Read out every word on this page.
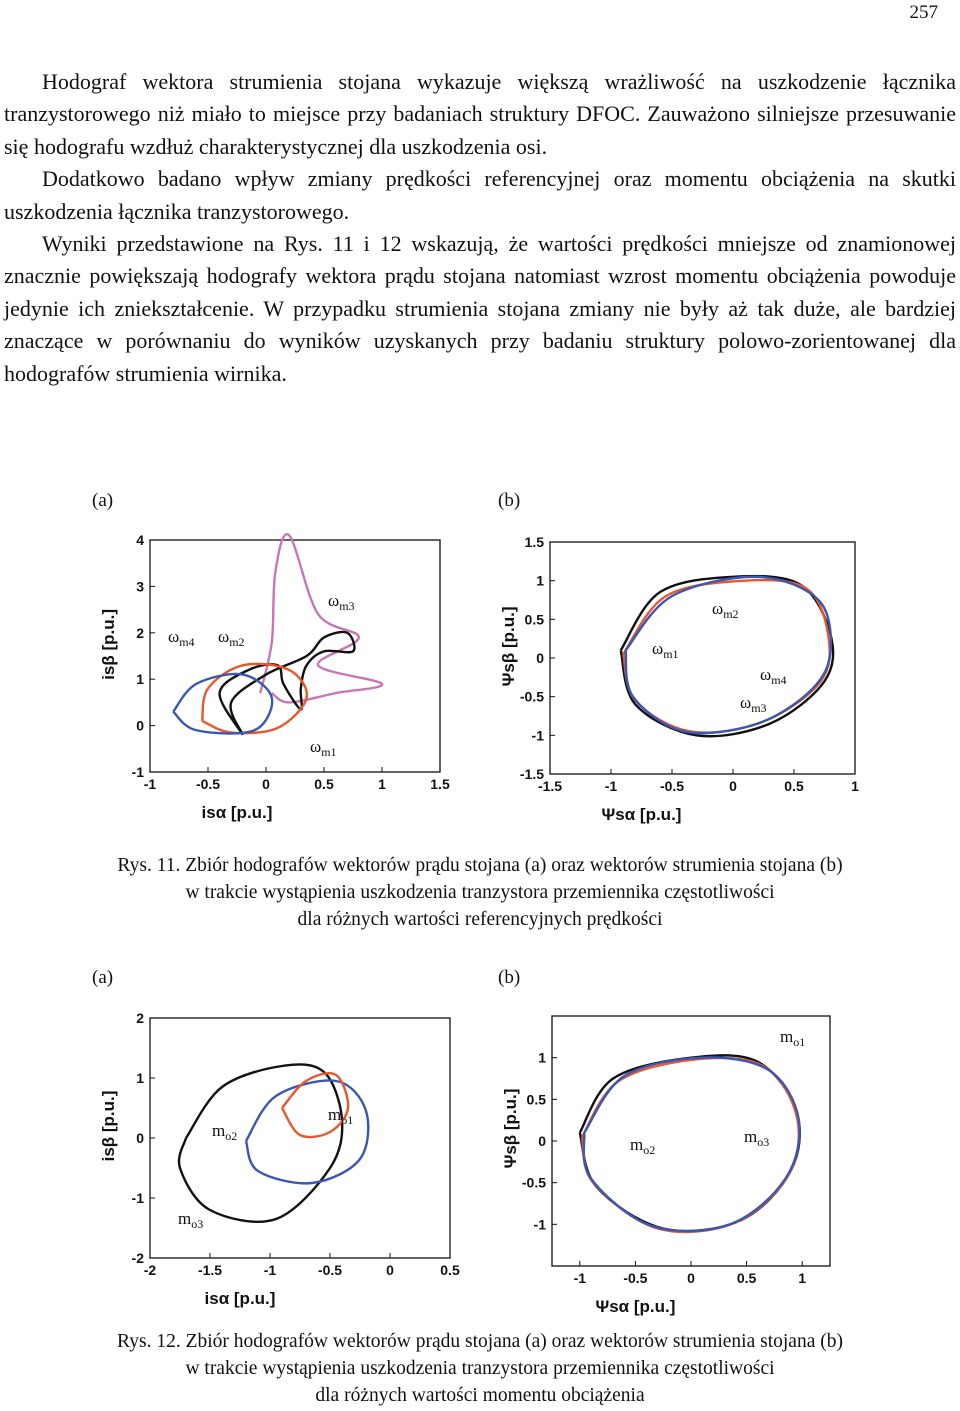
257

Hodograf wektora strumienia stojana wykazuje większą wrażliwość na uszkodzenie łącznika tranzystorowego niż miało to miejsce przy badaniach struktury DFOC. Zauważono silniejsze przesuwanie się hodografu wzdłuż charakterystycznej dla uszkodzenia osi.

Dodatkowo badano wpływ zmiany prędkości referencyjnej oraz momentu obciążenia na skutki uszkodzenia łącznika tranzystorowego.

Wyniki przedstawione na Rys. 11 i 12 wskazują, że wartości prędkości mniejsze od znamionowej znacznie powiększają hodografy wektora prądu stojana natomiast wzrost momentu obciążenia powoduje jedynie ich zniekształcenie. W przypadku strumienia stojana zmiany nie były aż tak duże, ale bardziej znaczące w porównaniu do wyników uzyskanych przy badaniu struktury polowo-zorientowanej dla hodografów strumienia wirnika.

(a)	(b)
-1	-0.5	0	0.5	1	1.5
-1
0
1
2
3
4
isα [p.u.]
isβ [p.u.]
$\omega_{m1}$
$\omega_{m2}$
$\omega_{m3}$
$\omega_{m4}$
-1.5	-1	-0.5	0	0.5	1
-1.5
-1
-0.5
0
0.5
1
1.5
Ψsα [p.u.]
Ψsβ [p.u.]	$\omega_{m1}$
$\omega_{m2}$
$\omega_{m3}$
$\omega_{m4}$
Rys. 11. Zbiór hodografów wektorów prądu stojana (a) oraz wektorów strumienia stojana (b)
w trakcie wystąpienia uszkodzenia tranzystora przemiennika częstotliwości
dla różnych wartości referencyjnych prędkości
(a)	(b)
-2	-1.5	-1	-0.5	0	0.5
-2
-1
0
1
2
isα [p.u.]
isβ [p.u.]	$m_{o1}$
$m_{o2}$
$m_{o3}$
-1	-0.5	0	0.5	1
-1
-0.5
0
0.5
1
Ψsα [p.u.]
Ψsβ [p.u.]
$m_{o1}$
$m_{o2}$
$m_{o3}$
Rys. 12. Zbiór hodografów wektorów prądu stojana (a) oraz wektorów strumienia stojana (b)
w trakcie wystąpienia uszkodzenia tranzystora przemiennika częstotliwości
dla różnych wartości momentu obciążenia
